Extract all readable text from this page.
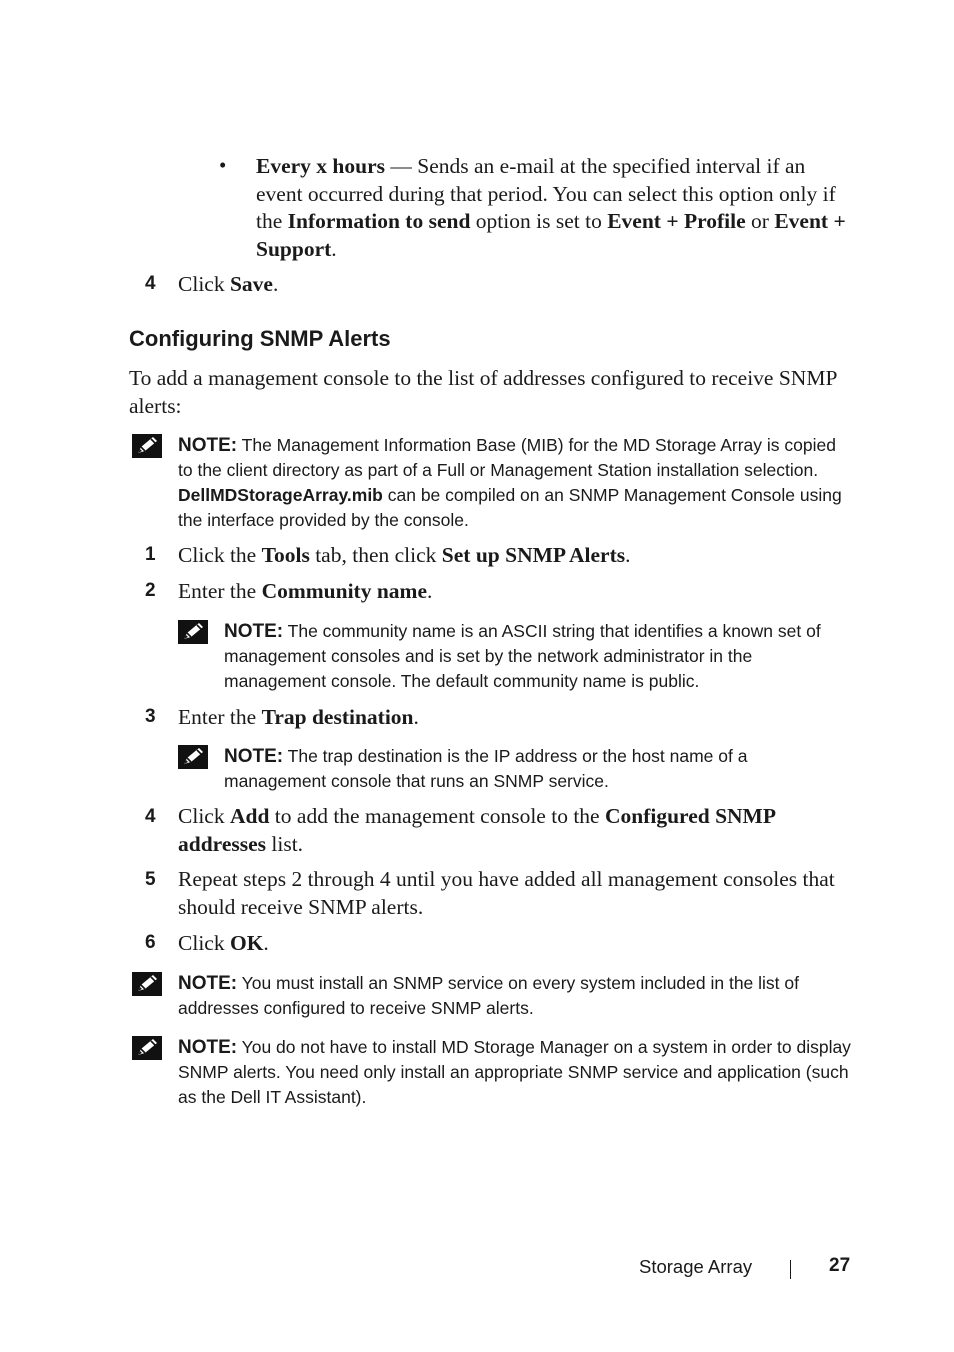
• Every x hours — Sends an e-mail at the specified interval if an event occurred during that period. You can select this option only if the Information to send option is set to Event + Profile or Event + Support.
4 Click Save.
Configuring SNMP Alerts
To add a management console to the list of addresses configured to receive SNMP alerts:
NOTE: The Management Information Base (MIB) for the MD Storage Array is copied to the client directory as part of a Full or Management Station installation selection. DellMDStorageArray.mib can be compiled on an SNMP Management Console using the interface provided by the console.
1 Click the Tools tab, then click Set up SNMP Alerts.
2 Enter the Community name.
NOTE: The community name is an ASCII string that identifies a known set of management consoles and is set by the network administrator in the management console. The default community name is public.
3 Enter the Trap destination.
NOTE: The trap destination is the IP address or the host name of a management console that runs an SNMP service.
4 Click Add to add the management console to the Configured SNMP addresses list.
5 Repeat steps 2 through 4 until you have added all management consoles that should receive SNMP alerts.
6 Click OK.
NOTE: You must install an SNMP service on every system included in the list of addresses configured to receive SNMP alerts.
NOTE: You do not have to install MD Storage Manager on a system in order to display SNMP alerts. You need only install an appropriate SNMP service and application (such as the Dell IT Assistant).
Storage Array	27
